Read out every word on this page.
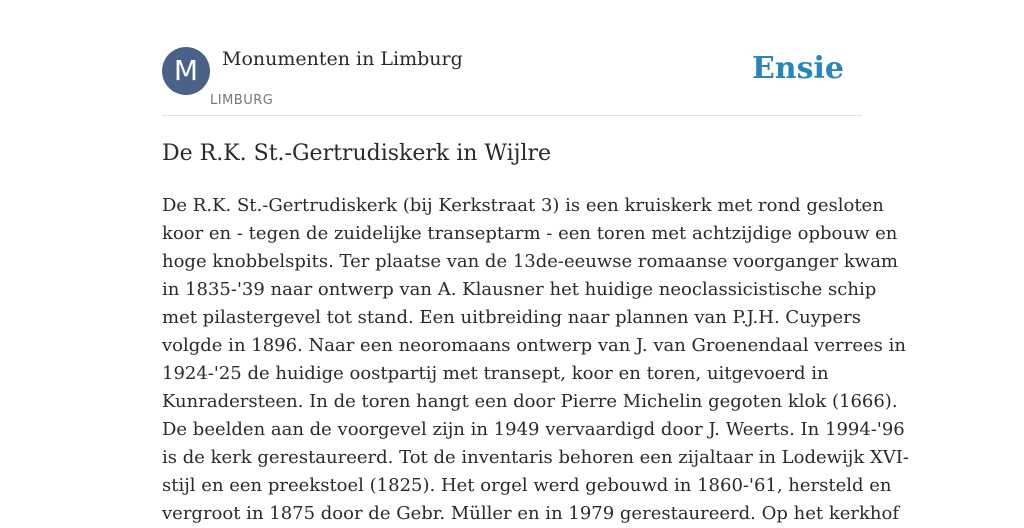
M	Monumenten in Limburg
LIMBURG
Ensie
De R.K. St.-Gertrudiskerk in Wijlre
De R.K. St.-Gertrudiskerk (bij Kerkstraat 3) is een kruiskerk met rond gesloten
koor en - tegen de zuidelijke transeptarm - een toren met achtzijdige opbouw en
hoge knobbelspits. Ter plaatse van de 13de-eeuwse romaanse voorganger kwam
in 1835-'39 naar ontwerp van A. Klausner het huidige neoclassicistische schip
met pilastergevel tot stand. Een uitbreiding naar plannen van P.J.H. Cuypers
volgde in 1896. Naar een neoromaans ontwerp van J. van Groenendaal verrees in
1924-'25 de huidige oostpartij met transept, koor en toren, uitgevoerd in
Kunradersteen. In de toren hangt een door Pierre Michelin gegoten klok (1666).
De beelden aan de voorgevel zijn in 1949 vervaardigd door J. Weerts. In 1994-'96
is de kerk gerestaureerd. Tot de inventaris behoren een zijaltaar in Lodewijk XVI-
stijl en een preekstoel (1825). Het orgel werd gebouwd in 1860-'61, hersteld en
vergroot in 1875 door de Gebr. Müller en in 1979 gerestaureerd. Op het kerkhof
